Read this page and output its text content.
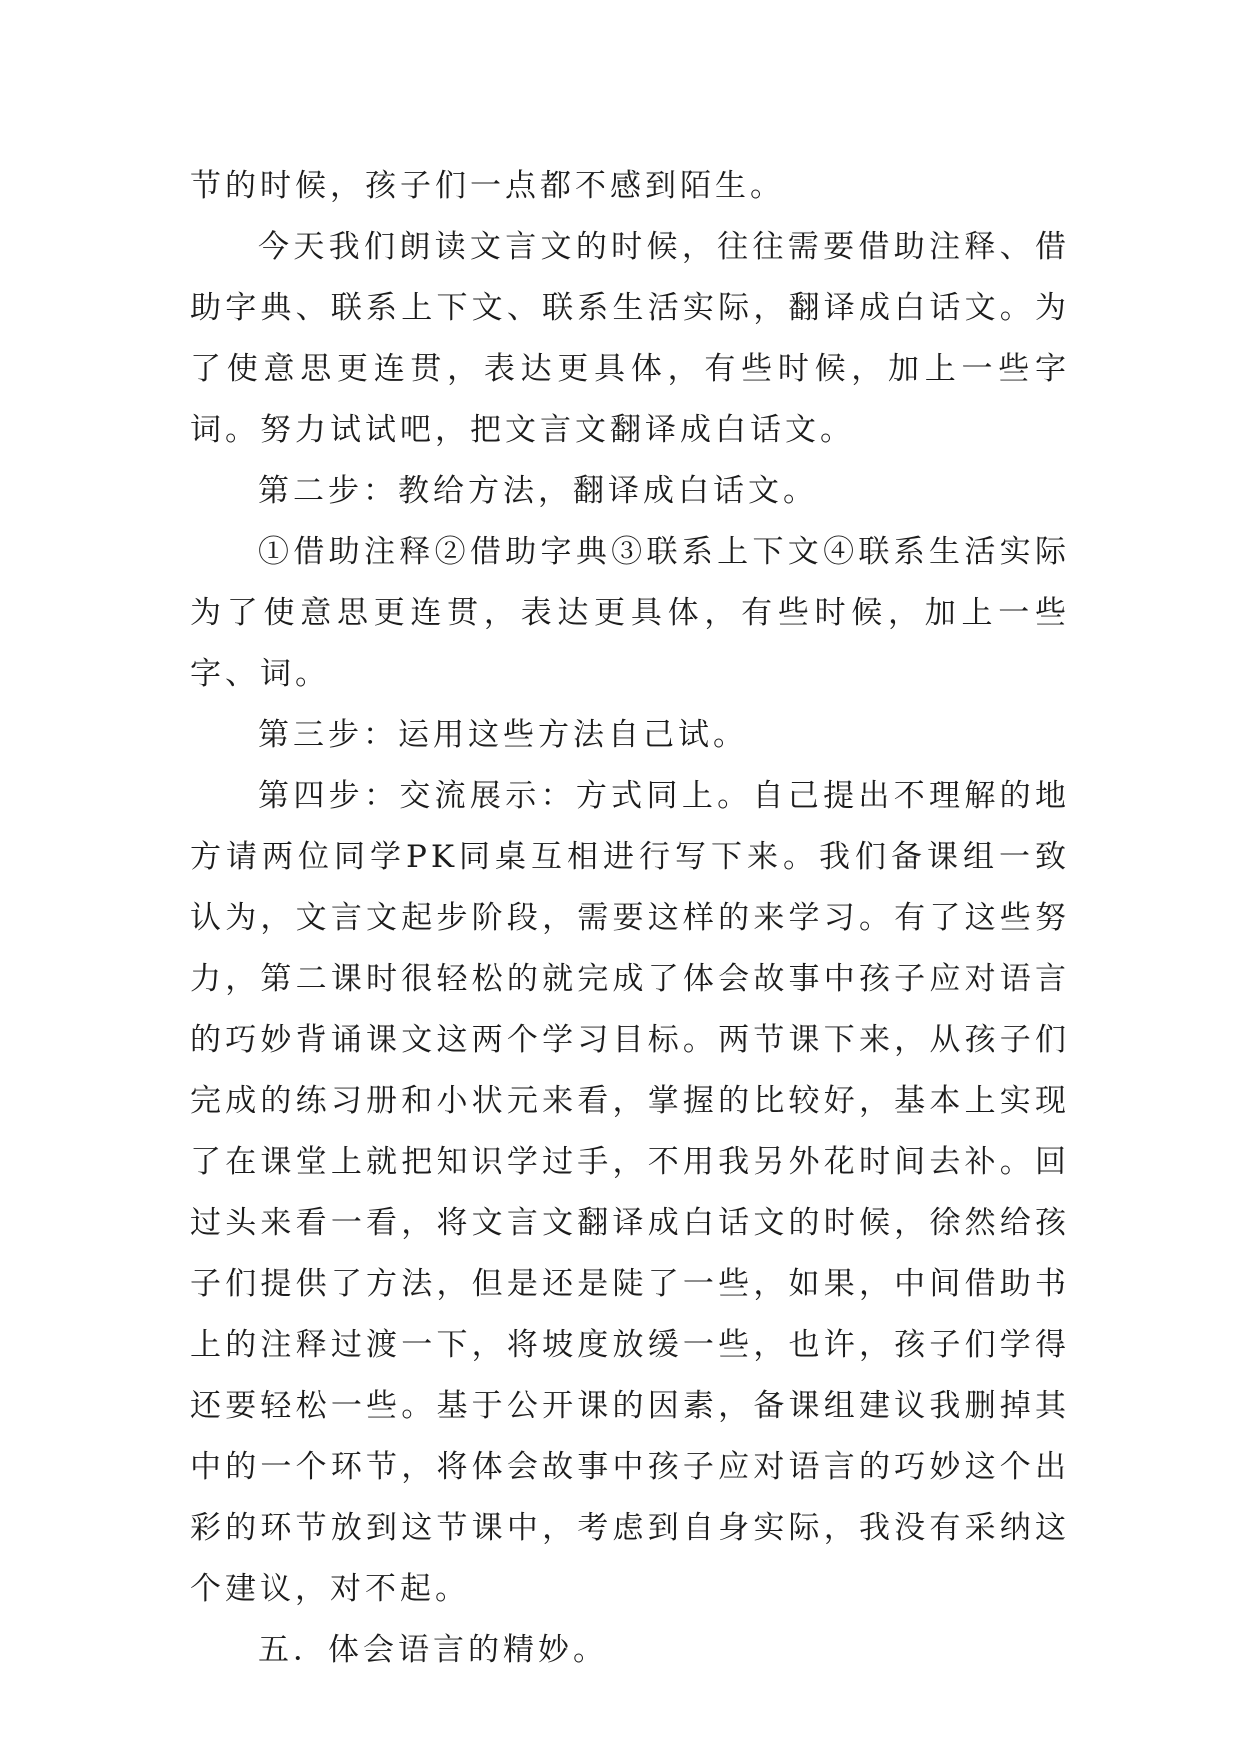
节的时候，孩子们一点都不感到陌生。

今天我们朗读文言文的时候，往往需要借助注释、借助字典、联系上下文、联系生活实际，翻译成白话文。为了使意思更连贯，表达更具体，有些时候，加上一些字词。努力试试吧，把文言文翻译成白话文。

第二步：教给方法，翻译成白话文。

①借助注释②借助字典③联系上下文④联系生活实际为了使意思更连贯，表达更具体，有些时候，加上一些字、词。

第三步：运用这些方法自己试。

第四步：交流展示：方式同上。自己提出不理解的地方请两位同学PK同桌互相进行写下来。我们备课组一致认为，文言文起步阶段，需要这样的来学习。有了这些努力，第二课时很轻松的就完成了体会故事中孩子应对语言的巧妙背诵课文这两个学习目标。两节课下来，从孩子们完成的练习册和小状元来看，掌握的比较好，基本上实现了在课堂上就把知识学过手，不用我另外花时间去补。回过头来看一看，将文言文翻译成白话文的时候，徐然给孩子们提供了方法，但是还是陡了一些，如果，中间借助书上的注释过渡一下，将坡度放缓一些，也许，孩子们学得还要轻松一些。基于公开课的因素，备课组建议我删掉其中的一个环节，将体会故事中孩子应对语言的巧妙这个出彩的环节放到这节课中，考虑到自身实际，我没有采纳这个建议，对不起。

五．体会语言的精妙。
